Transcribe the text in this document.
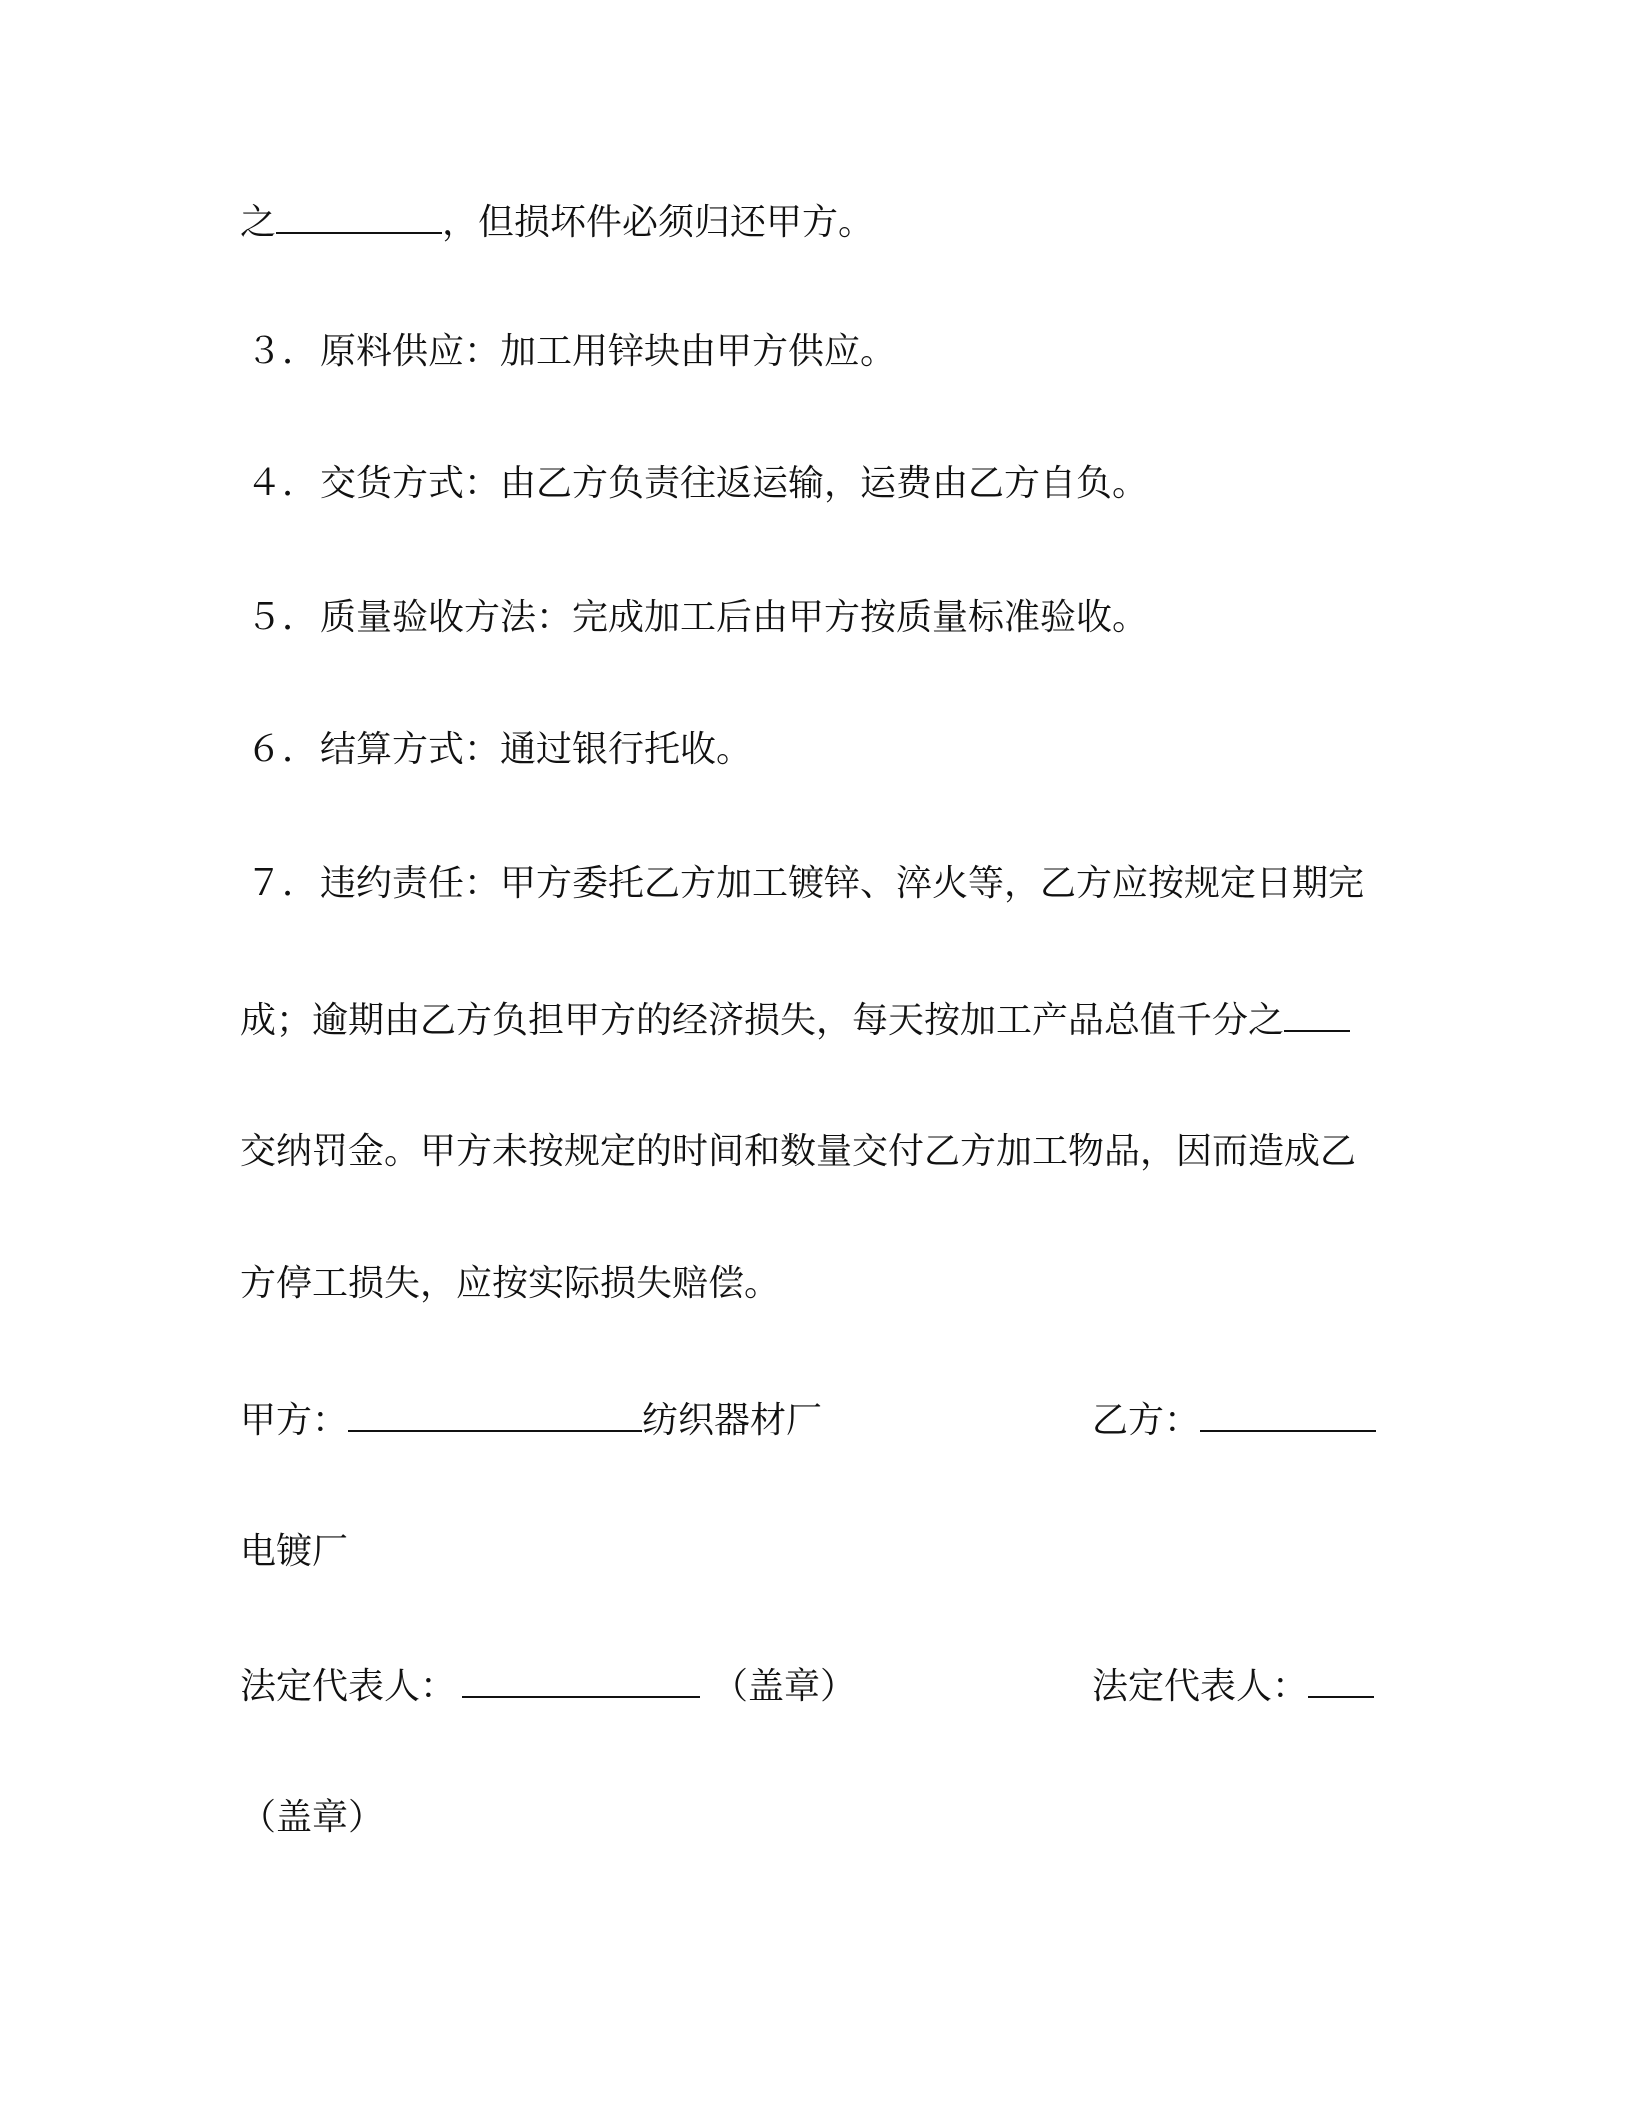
之	，但损坏件必须归还甲方。
３．原料供应：加工用锌块由甲方供应。
４．交货方式：由乙方负责往返运输，运费由乙方自负。
５．质量验收方法：完成加工后由甲方按质量标准验收。
６．结算方式：通过银行托收。
７．违约责任：甲方委托乙方加工镀锌、淬火等，乙方应按规定日期完
成；逾期由乙方负担甲方的经济损失，每天按加工产品总值千分之
交纳罚金。甲方未按规定的时间和数量交付乙方加工物品，因而造成乙
方停工损失，应按实际损失赔偿。
甲方：	纺织器材厂	乙方：
电镀厂
法定代表人：	（盖章）	法定代表人：
（盖章）
